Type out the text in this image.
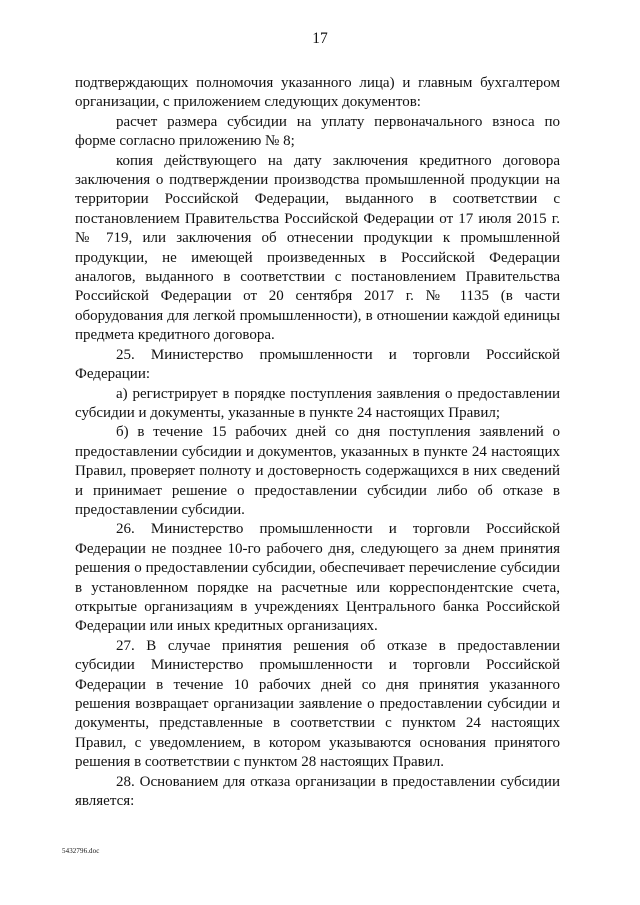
17

подтверждающих полномочия указанного лица) и главным бухгалтером организации, с приложением следующих документов:

расчет размера субсидии на уплату первоначального взноса по форме согласно приложению № 8;

копия действующего на дату заключения кредитного договора заключения о подтверждении производства промышленной продукции на территории Российской Федерации, выданного в соответствии с постановлением Правительства Российской Федерации от 17 июля 2015 г. № 719, или заключения об отнесении продукции к промышленной продукции, не имеющей произведенных в Российской Федерации аналогов, выданного в соответствии с постановлением Правительства Российской Федерации от 20 сентября 2017 г. № 1135 (в части оборудования для легкой промышленности), в отношении каждой единицы предмета кредитного договора.

25. Министерство промышленности и торговли Российской Федерации:

а) регистрирует в порядке поступления заявления о предоставлении субсидии и документы, указанные в пункте 24 настоящих Правил;

б) в течение 15 рабочих дней со дня поступления заявлений о предоставлении субсидии и документов, указанных в пункте 24 настоящих Правил, проверяет полноту и достоверность содержащихся в них сведений и принимает решение о предоставлении субсидии либо об отказе в предоставлении субсидии.

26. Министерство промышленности и торговли Российской Федерации не позднее 10-го рабочего дня, следующего за днем принятия решения о предоставлении субсидии, обеспечивает перечисление субсидии в установленном порядке на расчетные или корреспондентские счета, открытые организациям в учреждениях Центрального банка Российской Федерации или иных кредитных организациях.

27. В случае принятия решения об отказе в предоставлении субсидии Министерство промышленности и торговли Российской Федерации в течение 10 рабочих дней со дня принятия указанного решения возвращает организации заявление о предоставлении субсидии и документы, представленные в соответствии с пунктом 24 настоящих Правил, с уведомлением, в котором указываются основания принятого решения в соответствии с пунктом 28 настоящих Правил.

28. Основанием для отказа организации в предоставлении субсидии является:

5432796.doc
